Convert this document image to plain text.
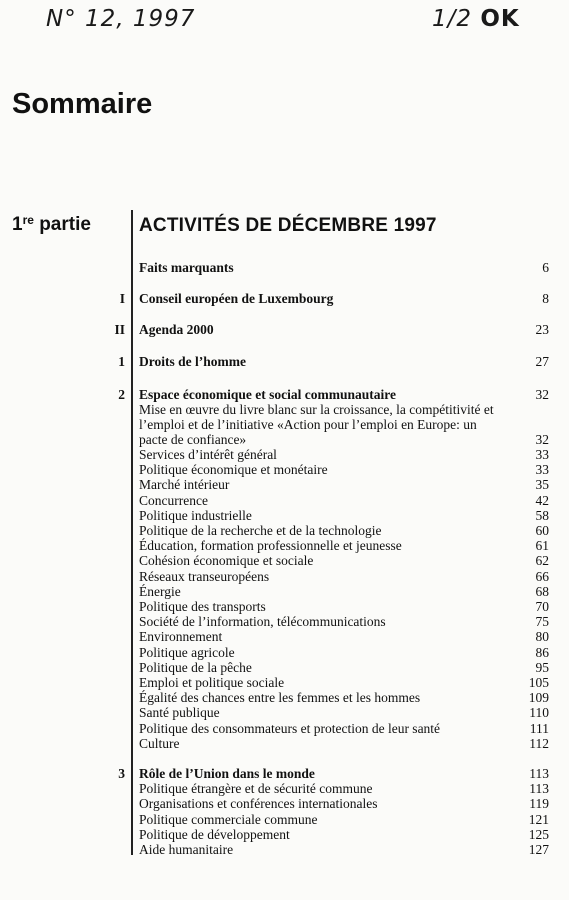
N° 12, 1997	1/2 OK
Sommaire
1re partie	ACTIVITÉS DE DÉCEMBRE 1997
Faits marquants	6
I Conseil européen de Luxembourg	8
II Agenda 2000	23
1 Droits de l’homme	27
2 Espace économique et social communautaire	32
Mise en œuvre du livre blanc sur la croissance, la compétitivité et l’emploi et de l’initiative «Action pour l’emploi en Europe: un pacte de confiance»	32
Services d’intérêt général	33
Politique économique et monétaire	33
Marché intérieur	35
Concurrence	42
Politique industrielle	58
Politique de la recherche et de la technologie	60
Éducation, formation professionnelle et jeunesse	61
Cohésion économique et sociale	62
Réseaux transeuropéens	66
Énergie	68
Politique des transports	70
Société de l’information, télécommunications	75
Environnement	80
Politique agricole	86
Politique de la pêche	95
Emploi et politique sociale	105
Égalité des chances entre les femmes et les hommes	109
Santé publique	110
Politique des consommateurs et protection de leur santé	111
Culture	112
3 Rôle de l’Union dans le monde	113
Politique étrangère et de sécurité commune	113
Organisations et conférences internationales	119
Politique commerciale commune	121
Politique de développement	125
Aide humanitaire	127
